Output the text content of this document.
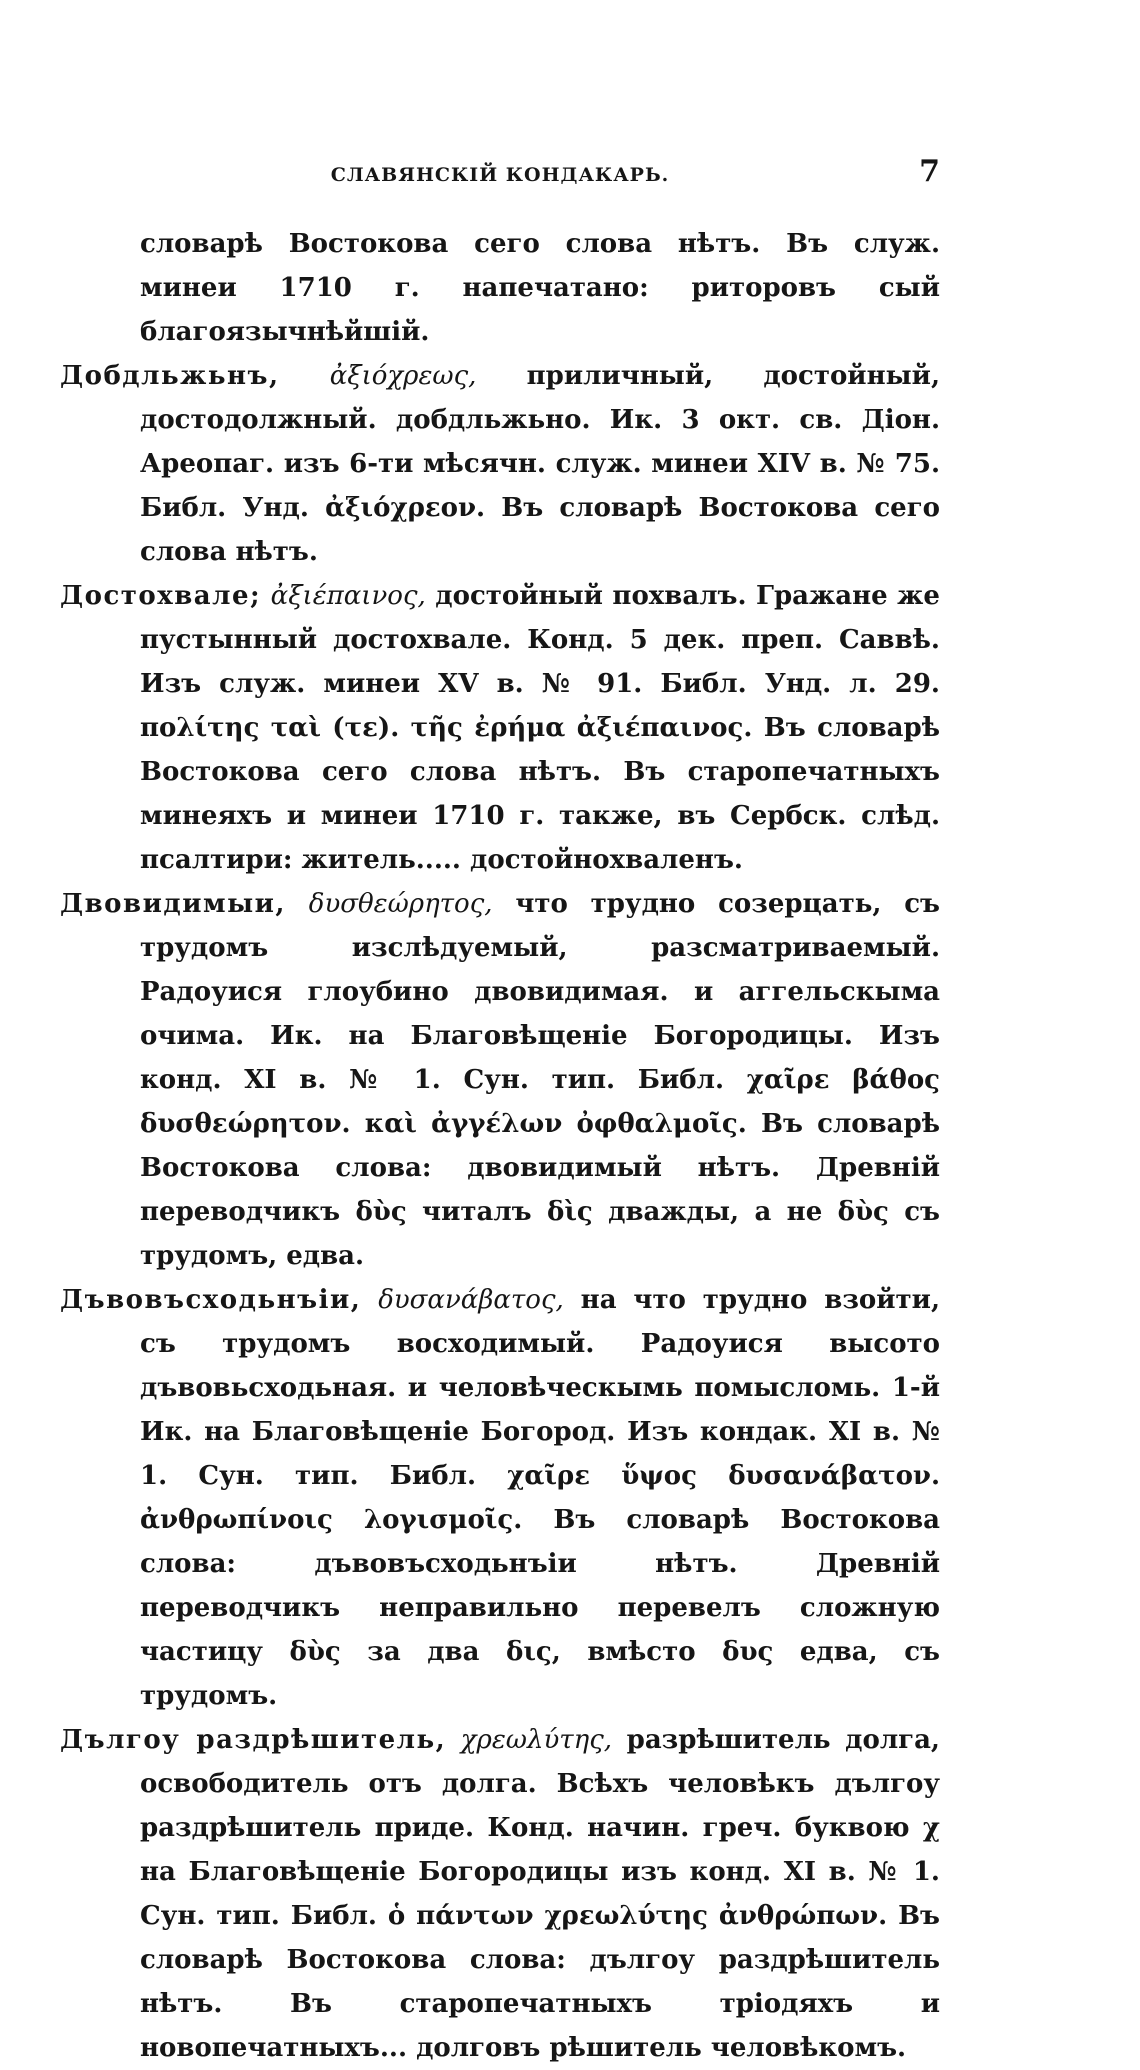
СЛАВЯНСКIЙ КОНДАКАРЬ.	7

словарѣ Востокова сего слова нѣтъ. Въ служ. минеи 1710 г. напечатано: риторовъ сый благоязычнѣйшій.

Добдльжьнъ, ἀξιόχρεως, приличный, достойный, достодолжный. добдльжьно. Ик. 3 окт. св. Діон. Ареопаг. изъ 6-ти мѣсячн. служ. минеи XIV в. № 75. Библ. Унд. ἀξιόχρεον. Въ словарѣ Востокова сего слова нѣтъ.

Достохвале; ἀξιέπαινος, достойный похвалъ. Гражане же пустынный достохвале. Конд. 5 дек. преп. Саввѣ. Изъ служ. минеи XV в. № 91. Библ. Унд. л. 29. πολίτης ταὶ (τε). τῆς ἐρήμα ἀξιέπαινος. Въ словарѣ Востокова сего слова нѣтъ. Въ старопечатныхъ минеяхъ и минеи 1710 г. также, въ Сербск. слѣд. псалтири: житель..... достойнохваленъ.

Двовидимыи, δυσθεώρητος, что трудно созерцать, съ трудомъ изслѣдуемый, разсматриваемый. Радоуися глоубино двовидимая. и аггельскыма очима. Ик. на Благовѣщеніе Богородицы. Изъ конд. XI в. № 1. Сун. тип. Библ. χαῖρε βάθος δυσθεώρητον. καὶ ἀγγέλων ὀφθαλμοῖς. Въ словарѣ Востокова слова: двовидимый нѣтъ. Древній переводчикъ δὺς читалъ δὶς дважды, а не δὺς съ трудомъ, едва.

Дъвовъсходьнъіи, δυσανάβατος, на что трудно взойти, съ трудомъ восходимый. Радоуися высото дъвовьсходьная. и человѣческымь помысломь. 1-й Ик. на Благовѣщеніе Богород. Изъ кондак. XI в. № 1. Сун. тип. Библ. χαῖρε ὕψος δυσανάβατον. ἀνθρωπίνοις λογισμοῖς. Въ словарѣ Востокова слова: дъвовъсходьнъіи нѣтъ. Древній переводчикъ неправильно перевелъ сложную частицу δὺς за два δις, вмѣсто δυς едва, съ трудомъ.

Дългоу раздрѣшитель, χρεωλύτης, разрѣшитель долга, освободитель отъ долга. Всѣхъ человѣкъ дългоу раздрѣшитель приде. Конд. начин. греч. буквою χ на Благовѣщеніе Богородицы изъ конд. XI в. № 1. Сун. тип. Библ. ὁ πάντων χρεωλύτης ἀνθρώπων. Въ словарѣ Востокова слова: дългоу раздрѣшитель нѣтъ. Въ старопечатныхъ тріодяхъ и новопечатныхъ... долговъ рѣшитель человѣкомъ.
